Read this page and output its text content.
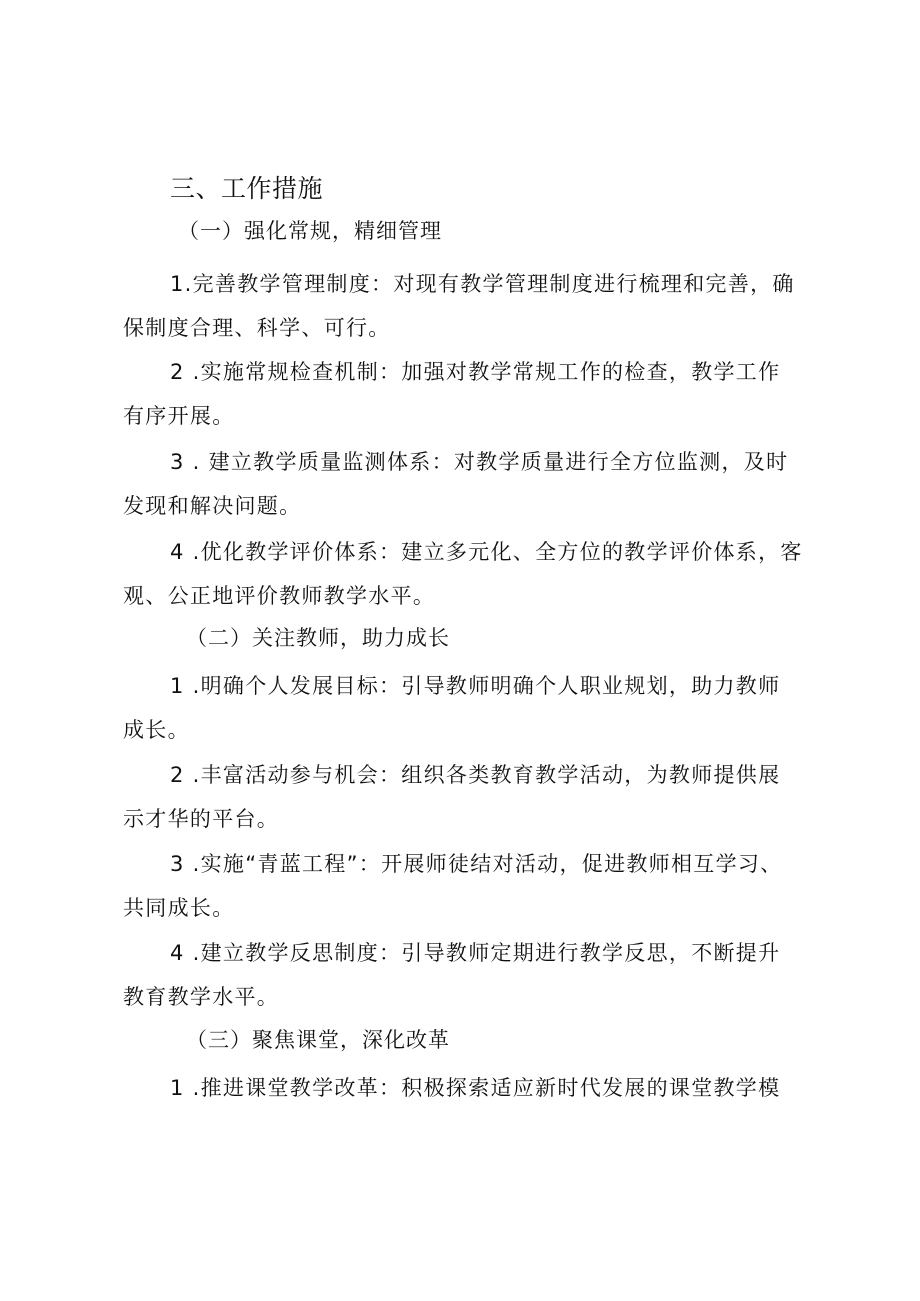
三、工作措施
（一）强化常规，精细管理
1.完善教学管理制度：对现有教学管理制度进行梳理和完善，确
保制度合理、科学、可行。
2 .实施常规检查机制：加强对教学常规工作的检查，教学工作
有序开展。
3 . 建立教学质量监测体系：对教学质量进行全方位监测，及时
发现和解决问题。
4 .优化教学评价体系：建立多元化、全方位的教学评价体系，客
观、公正地评价教师教学水平。
（二）关注教师，助力成长
1 .明确个人发展目标：引导教师明确个人职业规划，助力教师
成长。
2 .丰富活动参与机会：组织各类教育教学活动，为教师提供展
示才华的平台。
3 .实施“青蓝工程”：开展师徒结对活动，促进教师相互学习、
共同成长。
4 .建立教学反思制度：引导教师定期进行教学反思，不断提升
教育教学水平。
（三）聚焦课堂，深化改革
1 .推进课堂教学改革：积极探索适应新时代发展的课堂教学模
